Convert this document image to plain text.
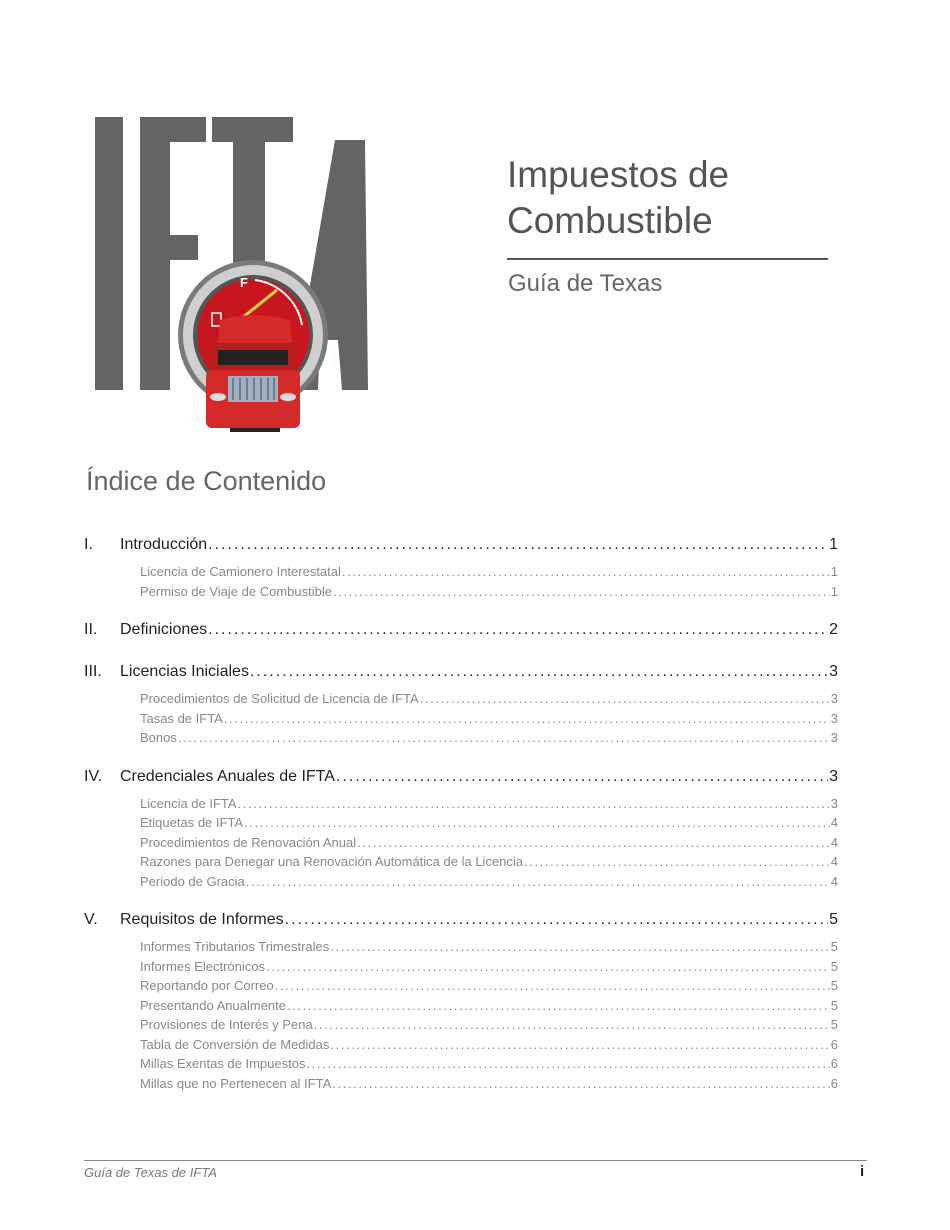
F
Impuestos de
Combustible
Guía de Texas
Índice de Contenido
I.	Introducción .....	1
Licencia de Camionero Interestatal .....	1
Permiso de Viaje de Combustible .....	1
II.	Definiciones .....	2
III.	Licencias Iniciales .....	3
Procedimientos de Solicitud de Licencia de IFTA .....	3
Tasas de IFTA .....	3
Bonos .....	3
IV.	Credenciales Anuales de IFTA .....	3
Licencia de IFTA .....	3
Etiquetas de IFTA .....	4
Procedimientos de Renovación Anual .....	4
Razones para Denegar una Renovación Automática de la Licencia .....	4
Periodo de Gracia .....	4
V.	Requisitos de Informes .....	5
Informes Tributarios Trimestrales .....	5
Informes Electrónicos .....	5
Reportando por Correo .....	5
Presentando Anualmente .....	5
Provisiones de Interés y Pena .....	5
Tabla de Conversión de Medidas .....	6
Millas Exentas de Impuestos .....	6
Millas que no Pertenecen al IFTA .....	6
Guía de Texas de IFTA	i
